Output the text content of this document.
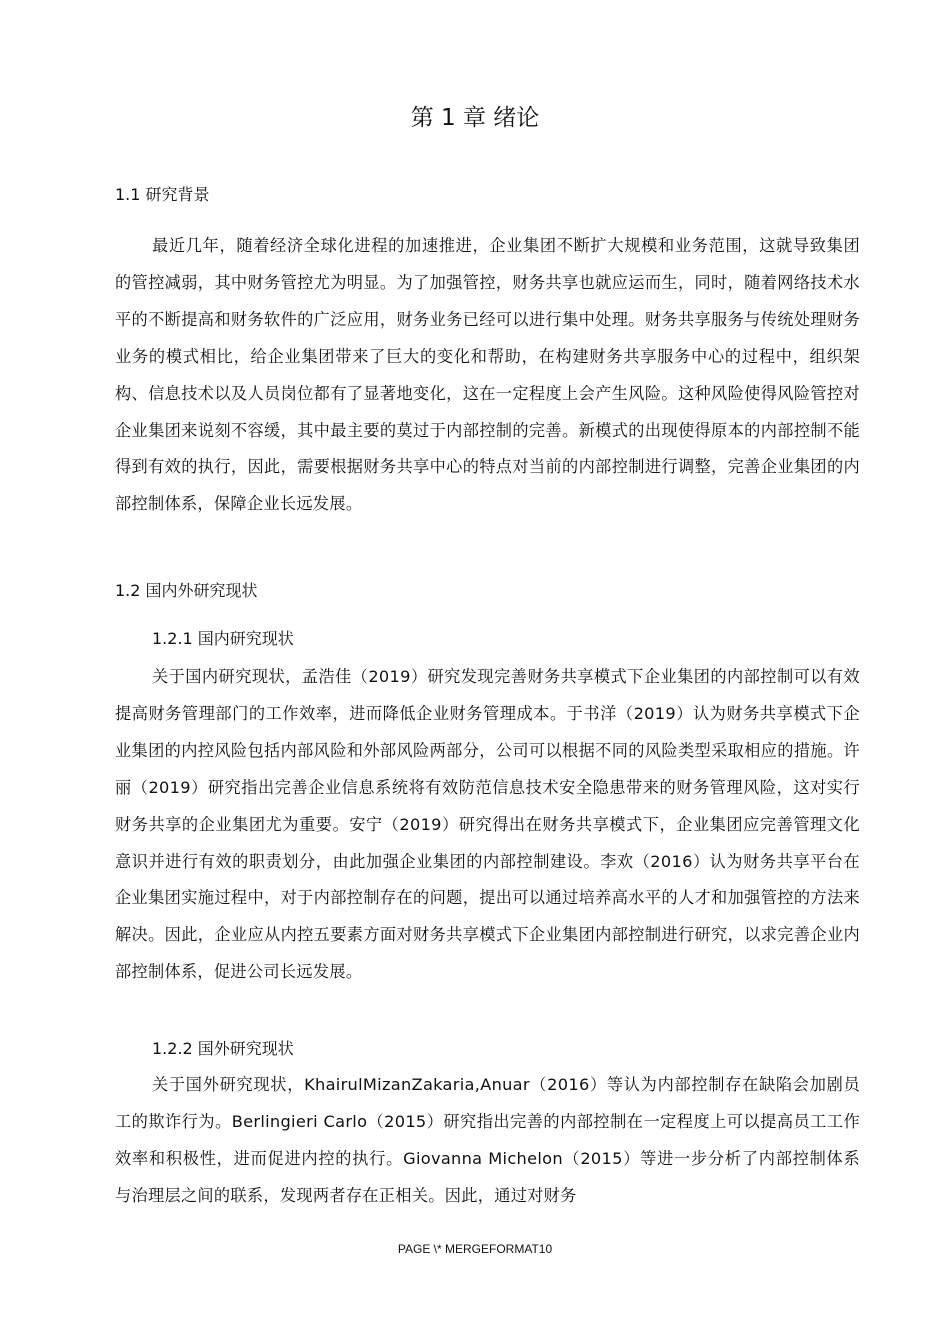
第 1 章 绪论
1.1 研究背景
最近几年，随着经济全球化进程的加速推进，企业集团不断扩大规模和业务范围，这就导致集团的管控减弱，其中财务管控尤为明显。为了加强管控，财务共享也就应运而生，同时，随着网络技术水平的不断提高和财务软件的广泛应用，财务业务已经可以进行集中处理。财务共享服务与传统处理财务业务的模式相比，给企业集团带来了巨大的变化和帮助，在构建财务共享服务中心的过程中，组织架构、信息技术以及人员岗位都有了显著地变化，这在一定程度上会产生风险。这种风险使得风险管控对企业集团来说刻不容缓，其中最主要的莫过于内部控制的完善。新模式的出现使得原本的内部控制不能得到有效的执行，因此，需要根据财务共享中心的特点对当前的内部控制进行调整，完善企业集团的内部控制体系，保障企业长远发展。
1.2 国内外研究现状
1.2.1 国内研究现状
关于国内研究现状，孟浩佳（2019）研究发现完善财务共享模式下企业集团的内部控制可以有效提高财务管理部门的工作效率，进而降低企业财务管理成本。于书洋（2019）认为财务共享模式下企业集团的内控风险包括内部风险和外部风险两部分，公司可以根据不同的风险类型采取相应的措施。许丽（2019）研究指出完善企业信息系统将有效防范信息技术安全隐患带来的财务管理风险，这对实行财务共享的企业集团尤为重要。安宁（2019）研究得出在财务共享模式下，企业集团应完善管理文化意识并进行有效的职责划分，由此加强企业集团的内部控制建设。李欢（2016）认为财务共享平台在企业集团实施过程中，对于内部控制存在的问题，提出可以通过培养高水平的人才和加强管控的方法来解决。因此，企业应从内控五要素方面对财务共享模式下企业集团内部控制进行研究，以求完善企业内部控制体系，促进公司长远发展。
1.2.2 国外研究现状
关于国外研究现状，KhairulMizanZakaria,Anuar（2016）等认为内部控制存在缺陷会加剧员工的欺诈行为。Berlingieri Carlo（2015）研究指出完善的内部控制在一定程度上可以提高员工工作效率和积极性，进而促进内控的执行。Giovanna Michelon（2015）等进一步分析了内部控制体系与治理层之间的联系，发现两者存在正相关。因此，通过对财务
PAGE \* MERGEFORMAT10
